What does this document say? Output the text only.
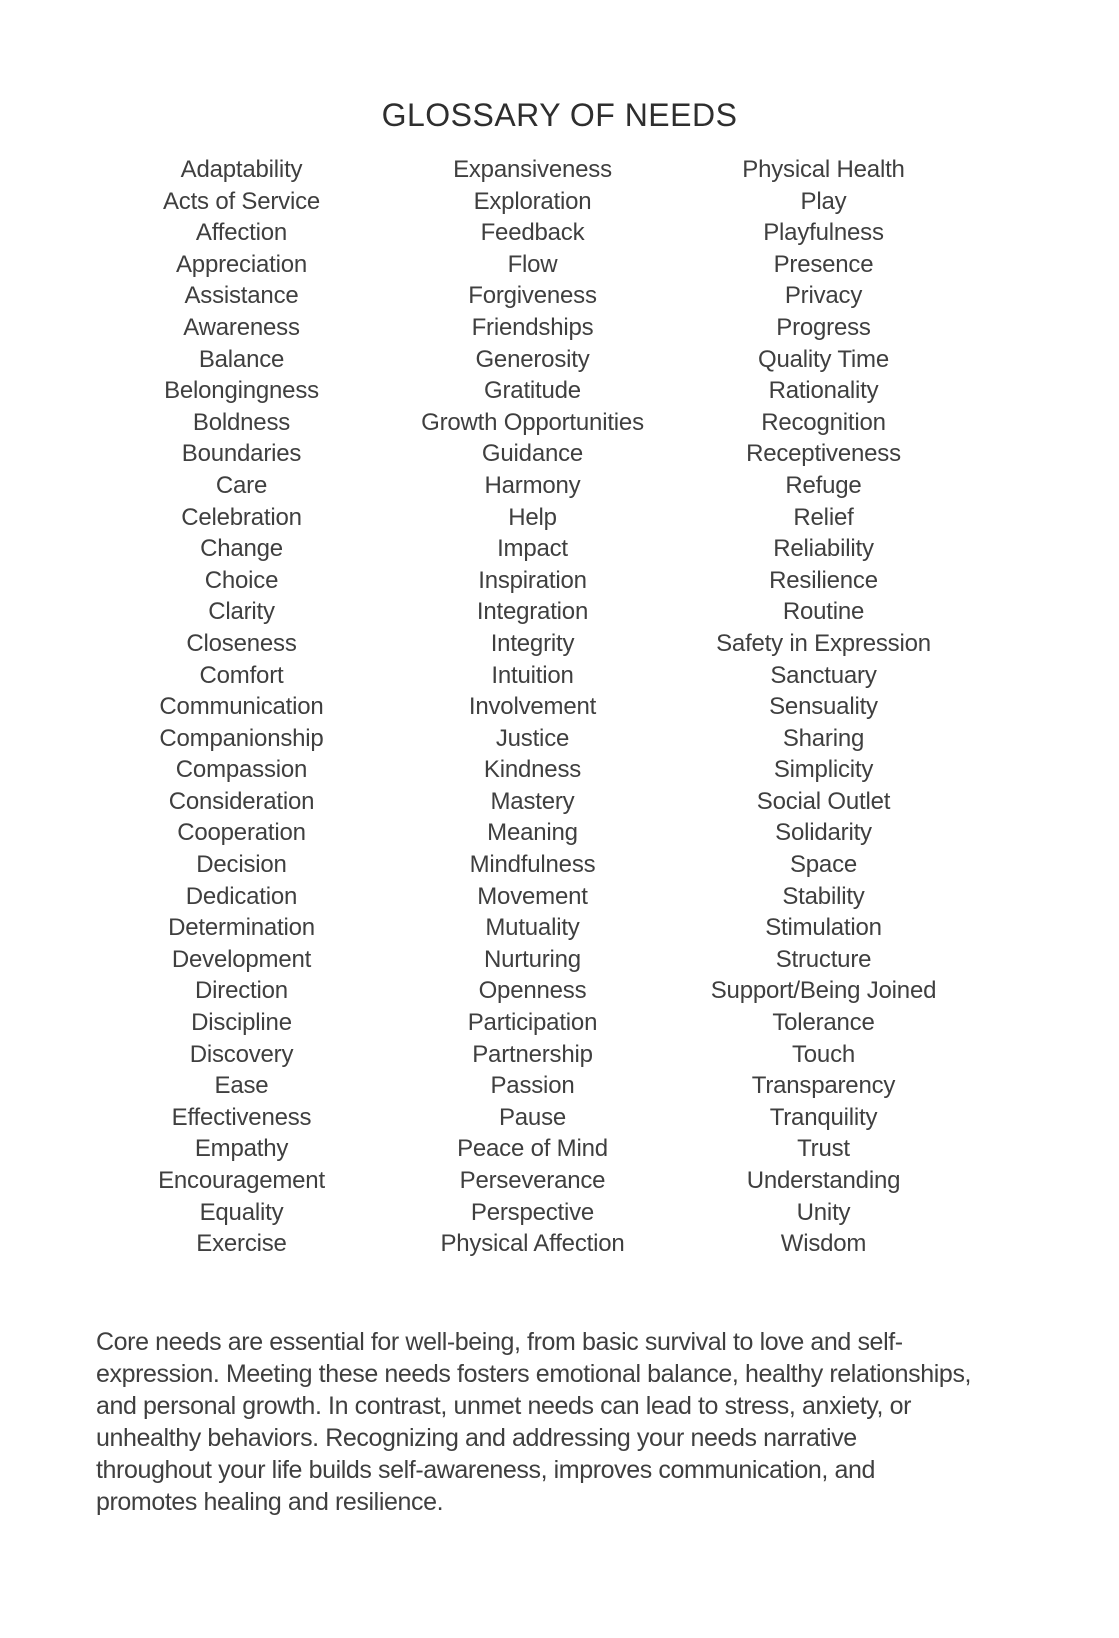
GLOSSARY OF NEEDS
Adaptability
Acts of Service
Affection
Appreciation
Assistance
Awareness
Balance
Belongingness
Boldness
Boundaries
Care
Celebration
Change
Choice
Clarity
Closeness
Comfort
Communication
Companionship
Compassion
Consideration
Cooperation
Decision
Dedication
Determination
Development
Direction
Discipline
Discovery
Ease
Effectiveness
Empathy
Encouragement
Equality
Exercise
Expansiveness
Exploration
Feedback
Flow
Forgiveness
Friendships
Generosity
Gratitude
Growth Opportunities
Guidance
Harmony
Help
Impact
Inspiration
Integration
Integrity
Intuition
Involvement
Justice
Kindness
Mastery
Meaning
Mindfulness
Movement
Mutuality
Nurturing
Openness
Participation
Partnership
Passion
Pause
Peace of Mind
Perseverance
Perspective
Physical Affection
Physical Health
Play
Playfulness
Presence
Privacy
Progress
Quality Time
Rationality
Recognition
Receptiveness
Refuge
Relief
Reliability
Resilience
Routine
Safety in Expression
Sanctuary
Sensuality
Sharing
Simplicity
Social Outlet
Solidarity
Space
Stability
Stimulation
Structure
Support/Being Joined
Tolerance
Touch
Transparency
Tranquility
Trust
Understanding
Unity
Wisdom

Core needs are essential for well-being, from basic survival to love and self-expression. Meeting these needs fosters emotional balance, healthy relationships, and personal growth. In contrast, unmet needs can lead to stress, anxiety, or unhealthy behaviors. Recognizing and addressing your needs narrative throughout your life builds self-awareness, improves communication, and promotes healing and resilience.
